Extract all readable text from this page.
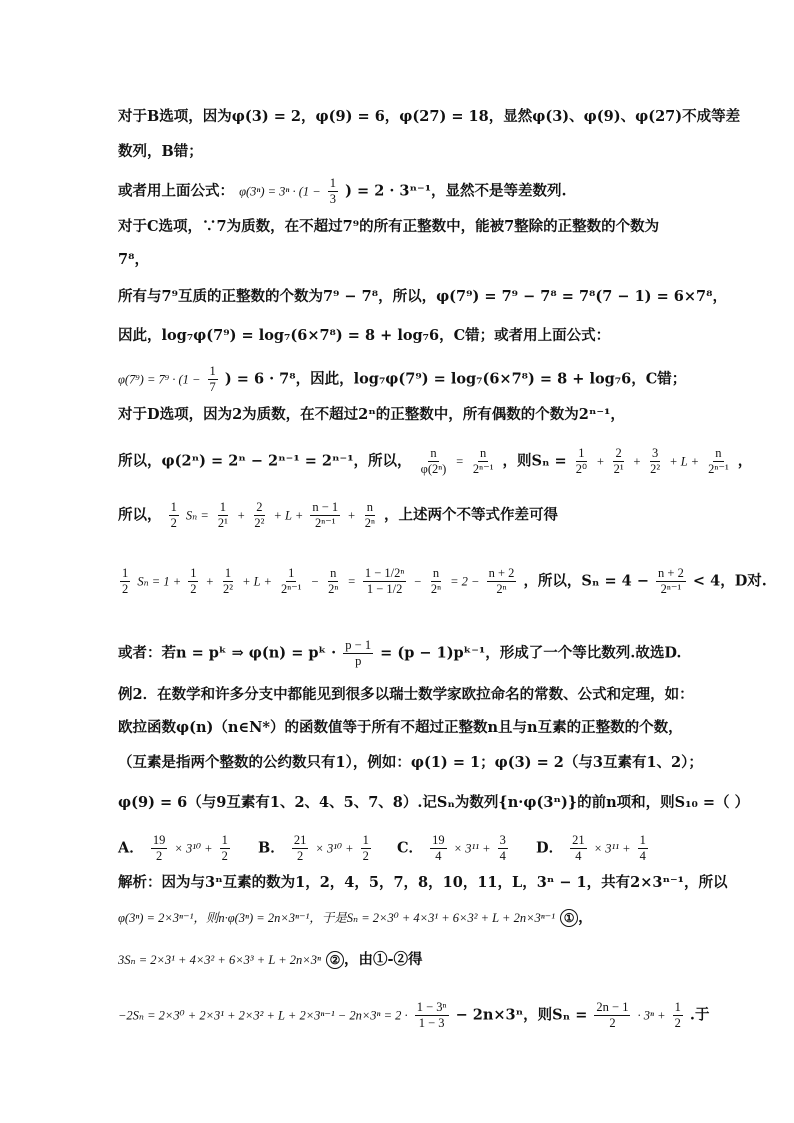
对于B选项，因为φ(3) = 2，φ(9) = 6，φ(27) = 18，显然φ(3)、φ(9)、φ(27)不成等差
数列，B错；
或者用上面公式： $\varphi(3^n) = 3^n \cdot (1 - \frac{1}{3}$ ) = 2 · 3ⁿ⁻¹，显然不是等差数列.
对于C选项，∵7为质数，在不超过7⁹的所有正整数中，能被7整除的正整数的个数为
7⁸，
所有与7⁹互质的正整数的个数为7⁹ − 7⁸，所以，φ(7⁹) = 7⁹ − 7⁸ = 7⁸(7 − 1) = 6×7⁸，
因此，log₇φ(7⁹) = log₇(6×7⁸) = 8 + log₇6，C错；或者用上面公式：
$\varphi(7^9) = 7^9 \cdot (1 - \frac{1}{7}$ ) = 6 · 7⁸，因此，log₇φ(7⁹) = log₇(6×7⁸) = 8 + log₇6，C错；
对于D选项，因为2为质数，在不超过2ⁿ的正整数中，所有偶数的个数为2ⁿ⁻¹，
所以，φ(2ⁿ) = 2ⁿ − 2ⁿ⁻¹ = 2ⁿ⁻¹，所以， $\frac{n}{\text{φ(2ⁿ)}} = \frac{n}{\text{2ⁿ⁻¹}}$ ，则$S_n = \frac{1}{\text{2⁰}} + \frac{2}{\text{2¹}} + \frac{3}{\text{2²}} + L + \frac{n}{\text{2ⁿ⁻¹}}$ ，
所以， $\frac{1}{2}$ $S_n = \frac{1}{\text{2¹}} + \frac{2}{\text{2²}} + L + \frac{n - 1}{\text{2ⁿ⁻¹}} + \frac{n}{\text{2ⁿ}}$ ，上述两个不等式作差可得
$\frac{1}{2}$ $S_n = 1 + \frac{1}{2} + \frac{1}{\text{2²}} + L + \frac{1}{\text{2ⁿ⁻¹}} - \frac{n}{\text{2ⁿ}} = \frac{\text{1 − 1/2ⁿ}}{1 - 1/2} - \frac{n}{\text{2ⁿ}} = 2 - \frac{n + 2}{\text{2ⁿ}}$ ，所以，$S_n = 4 - \frac{n + 2}{\text{2ⁿ⁻¹}} < 4$，D对.
或者：若n = pᵏ ⇒ φ(n) = pᵏ · $\frac{p - 1}{p} = (p$ − 1)pᵏ⁻¹，形成了一个等比数列.故选D.
例2．在数学和许多分支中都能见到很多以瑞士数学家欧拉命名的常数、公式和定理，如：
欧拉函数φ(n)（n∈N*）的函数值等于所有不超过正整数n且与n互素的正整数的个数，
（互素是指两个整数的公约数只有1），例如：φ(1) = 1；φ(3) = 2（与3互素有1、2）；
φ(9) = 6（与9互素有1、2、4、5、7、8）.记Sₙ为数列{n·φ(3ⁿ)}的前n项和，则S₁₀ =（ ）
A． $\frac{19}{2} \times 3^{10} + \frac{1}{2}$ B． $\frac{21}{2} \times 3^{10} + \frac{1}{2}$ C． $\frac{19}{4} \times 3^{11} + \frac{3}{4}$ D． $\frac{21}{4} \times 3^{11} + \frac{1}{4}$
解析：因为与3ⁿ互素的数为1，2，4，5，7，8，10，11，L，3ⁿ − 1，共有2×3ⁿ⁻¹，所以
φ(3ⁿ) = 2×3ⁿ⁻¹，则n·φ(3ⁿ) = 2n×3ⁿ⁻¹，于是Sₙ = 2×3⁰ + 4×3¹ + 6×3² + L + 2n×3ⁿ⁻¹ ① ，
3Sₙ = 2×3¹ + 4×3² + 6×3³ + L + 2n×3ⁿ ② ，由①-②得
$-2S_n = 2\times 3^0 + 2\times 3^1 + 2\times 3^2 + L + 2\times 3^{n-1} - 2n\times 3^n = 2 \cdot \frac{\text{1 − 3ⁿ}}{1 - 3} - 2n\times 3^n$，则$S_n = \frac{2n - 1}{2} \cdot 3^n + \frac{1}{2}$ .于
